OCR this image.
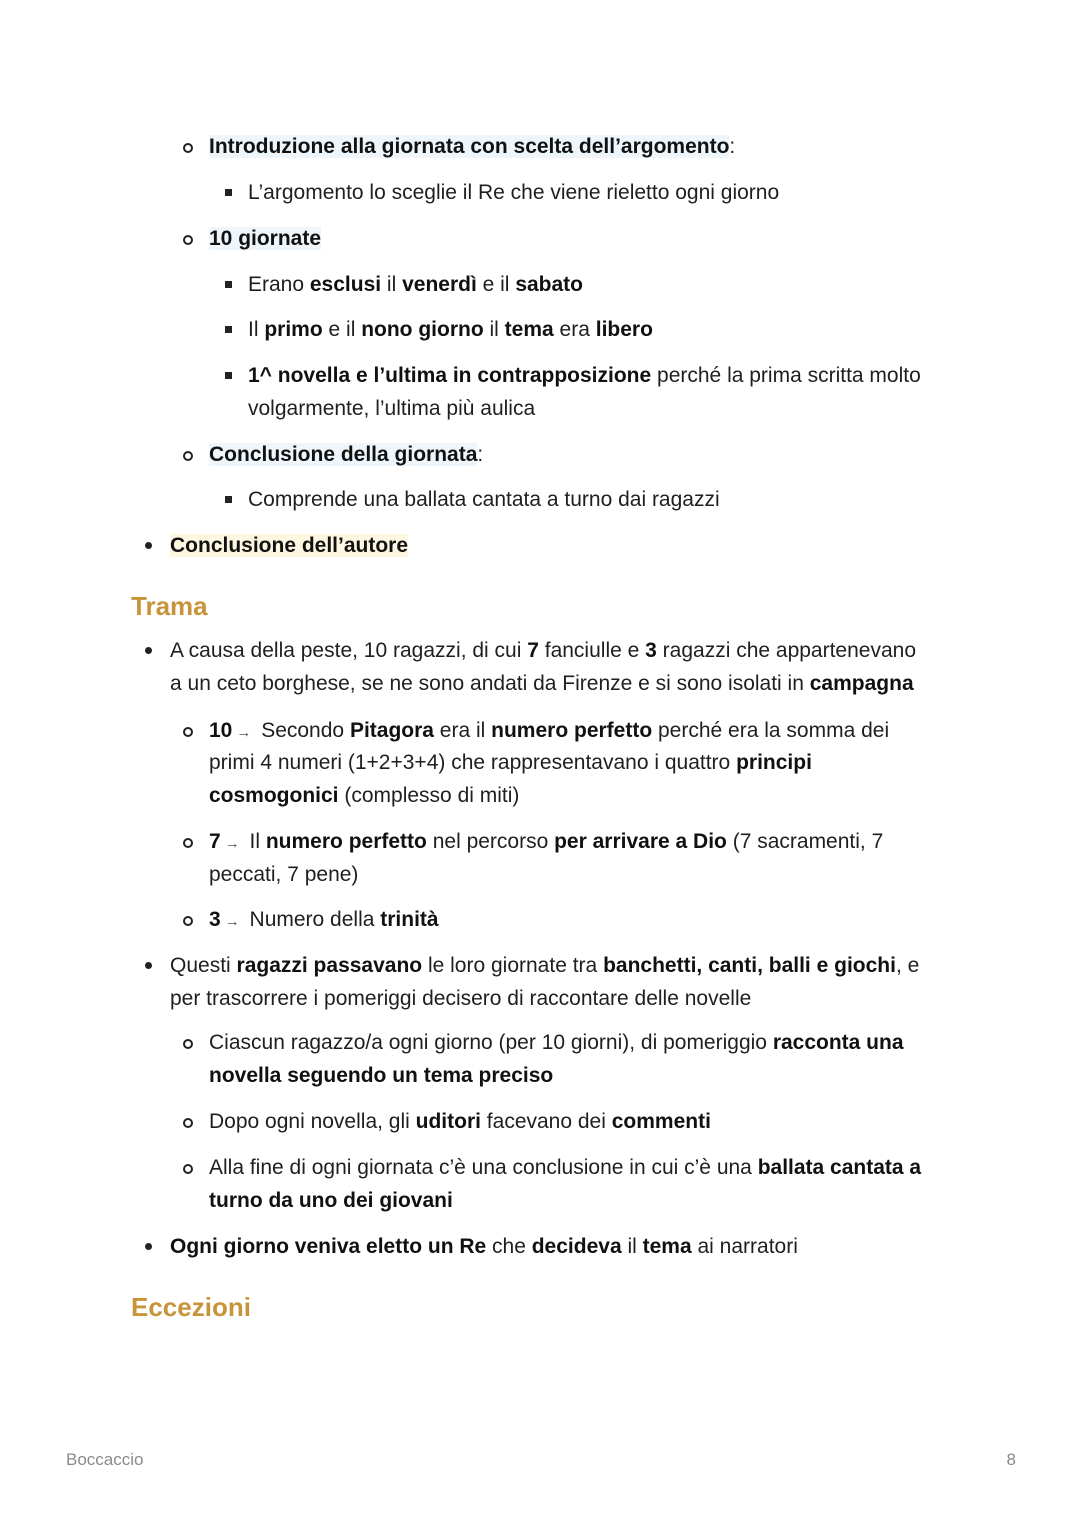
Introduzione alla giornata con scelta dell’argomento:
L’argomento lo sceglie il Re che viene rieletto ogni giorno
10 giornate
Erano esclusi il venerdì e il sabato
Il primo e il nono giorno il tema era libero
1^ novella e l’ultima in contrapposizione perché la prima scritta molto
volgarmente, l’ultima più aulica
Conclusione della giornata:
Comprende una ballata cantata a turno dai ragazzi
Conclusione dell’autore
Trama
A causa della peste, 10 ragazzi, di cui 7 fanciulle e 3 ragazzi che appartenevano
a un ceto borghese, se ne sono andati da Firenze e si sono isolati in campagna
10 → Secondo Pitagora era il numero perfetto perché era la somma dei
primi 4 numeri (1+2+3+4) che rappresentavano i quattro principi
cosmogonici (complesso di miti)
7 → Il numero perfetto nel percorso per arrivare a Dio (7 sacramenti, 7
peccati, 7 pene)
3 → Numero della trinità
Questi ragazzi passavano le loro giornate tra banchetti, canti, balli e giochi, e
per trascorrere i pomeriggi decisero di raccontare delle novelle
Ciascun ragazzo/a ogni giorno (per 10 giorni), di pomeriggio racconta una
novella seguendo un tema preciso
Dopo ogni novella, gli uditori facevano dei commenti
Alla fine di ogni giornata c’è una conclusione in cui c’è una ballata cantata a
turno da uno dei giovani
Ogni giorno veniva eletto un Re che decideva il tema ai narratori
Eccezioni
Boccaccio	8
